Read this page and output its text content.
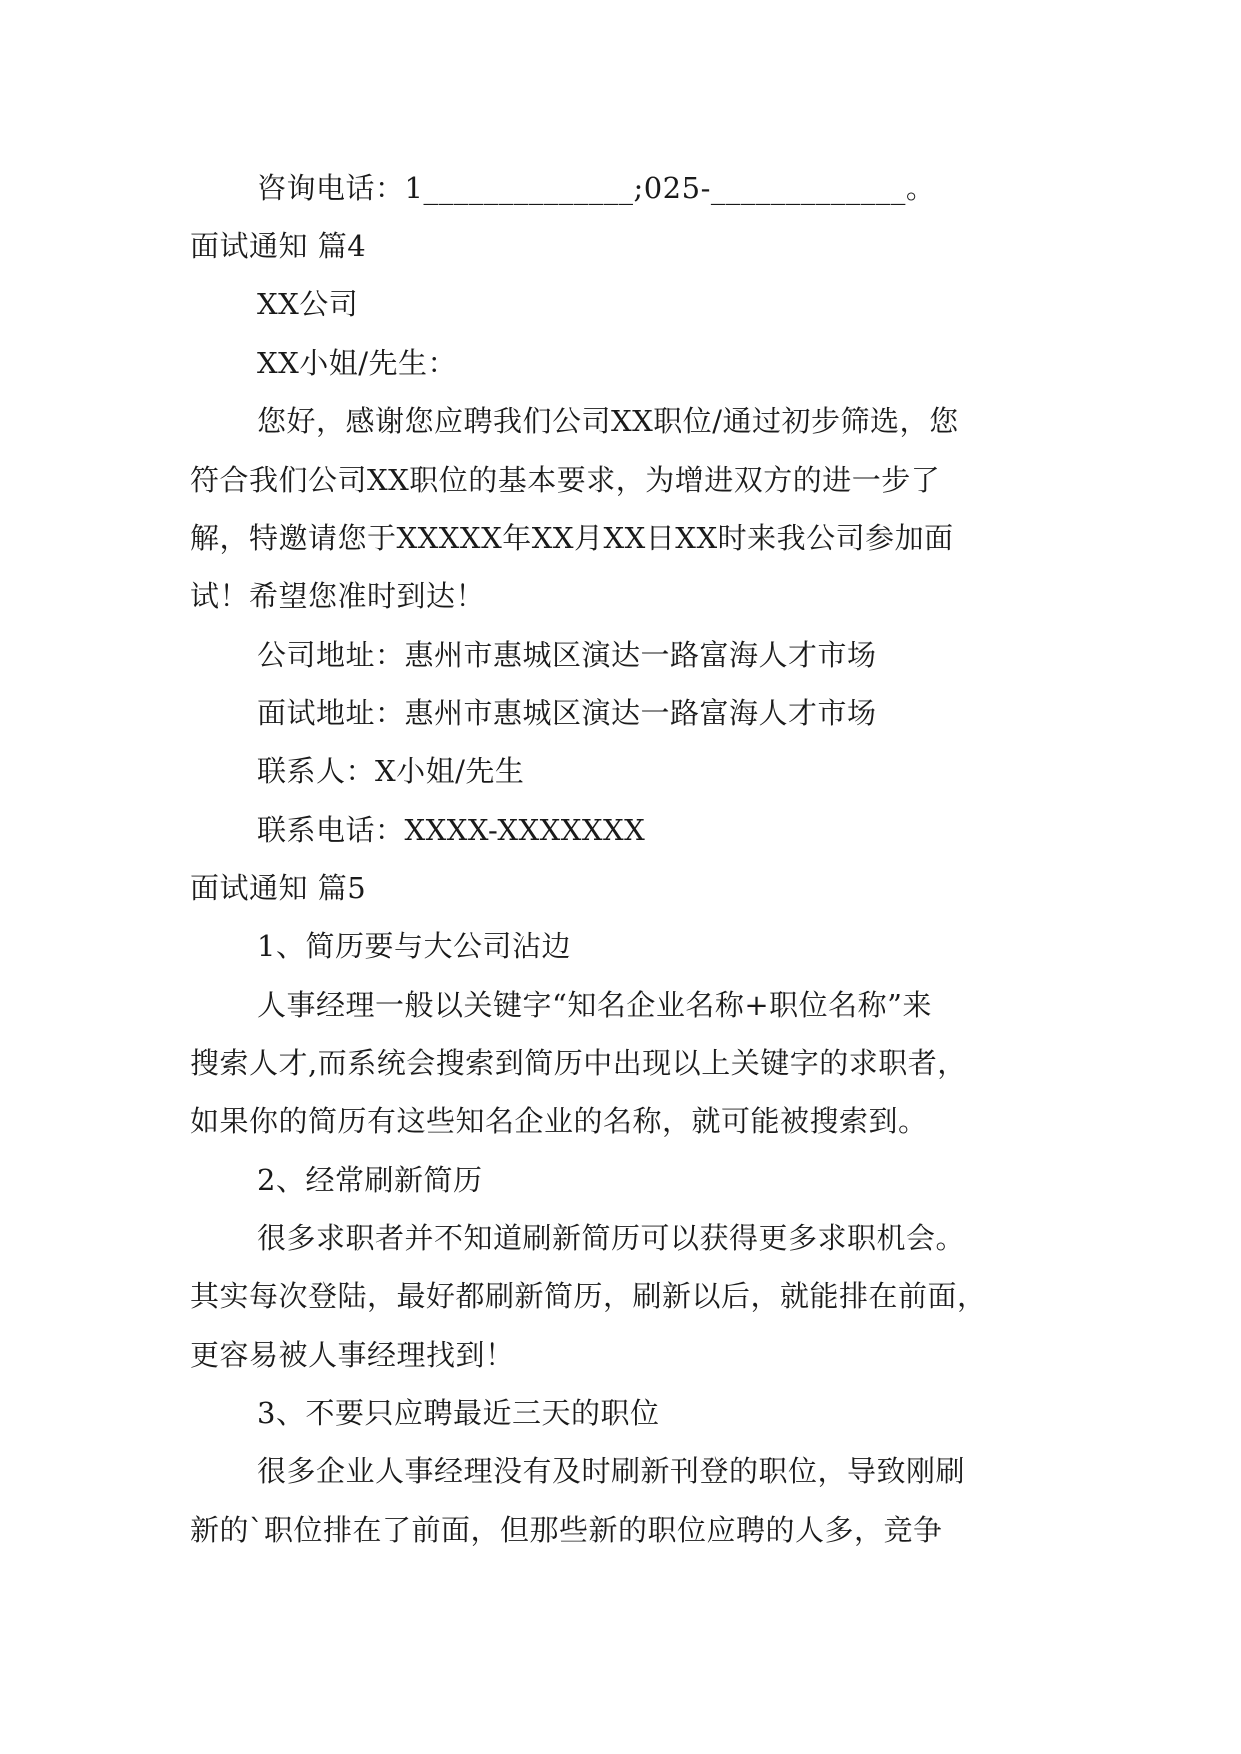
咨询电话：1______________;025-_____________。
面试通知 篇4
XX公司
XX小姐/先生：
您好，感谢您应聘我们公司XX职位/通过初步筛选，您
符合我们公司XX职位的基本要求，为增进双方的进一步了
解，特邀请您于XXXXX年XX月XX日XX时来我公司参加面
试！希望您准时到达！
公司地址：惠州市惠城区演达一路富海人才市场
面试地址：惠州市惠城区演达一路富海人才市场
联系人：X小姐/先生
联系电话：XXXX-XXXXXXX
面试通知 篇5
1、简历要与大公司沾边
人事经理一般以关键字“知名企业名称+职位名称”来
搜索人才,而系统会搜索到简历中出现以上关键字的求职者，
如果你的简历有这些知名企业的名称，就可能被搜索到。
2、经常刷新简历
很多求职者并不知道刷新简历可以获得更多求职机会。
其实每次登陆，最好都刷新简历，刷新以后，就能排在前面，
更容易被人事经理找到！
3、不要只应聘最近三天的职位
很多企业人事经理没有及时刷新刊登的职位，导致刚刷
新的`职位排在了前面，但那些新的职位应聘的人多，竞争
